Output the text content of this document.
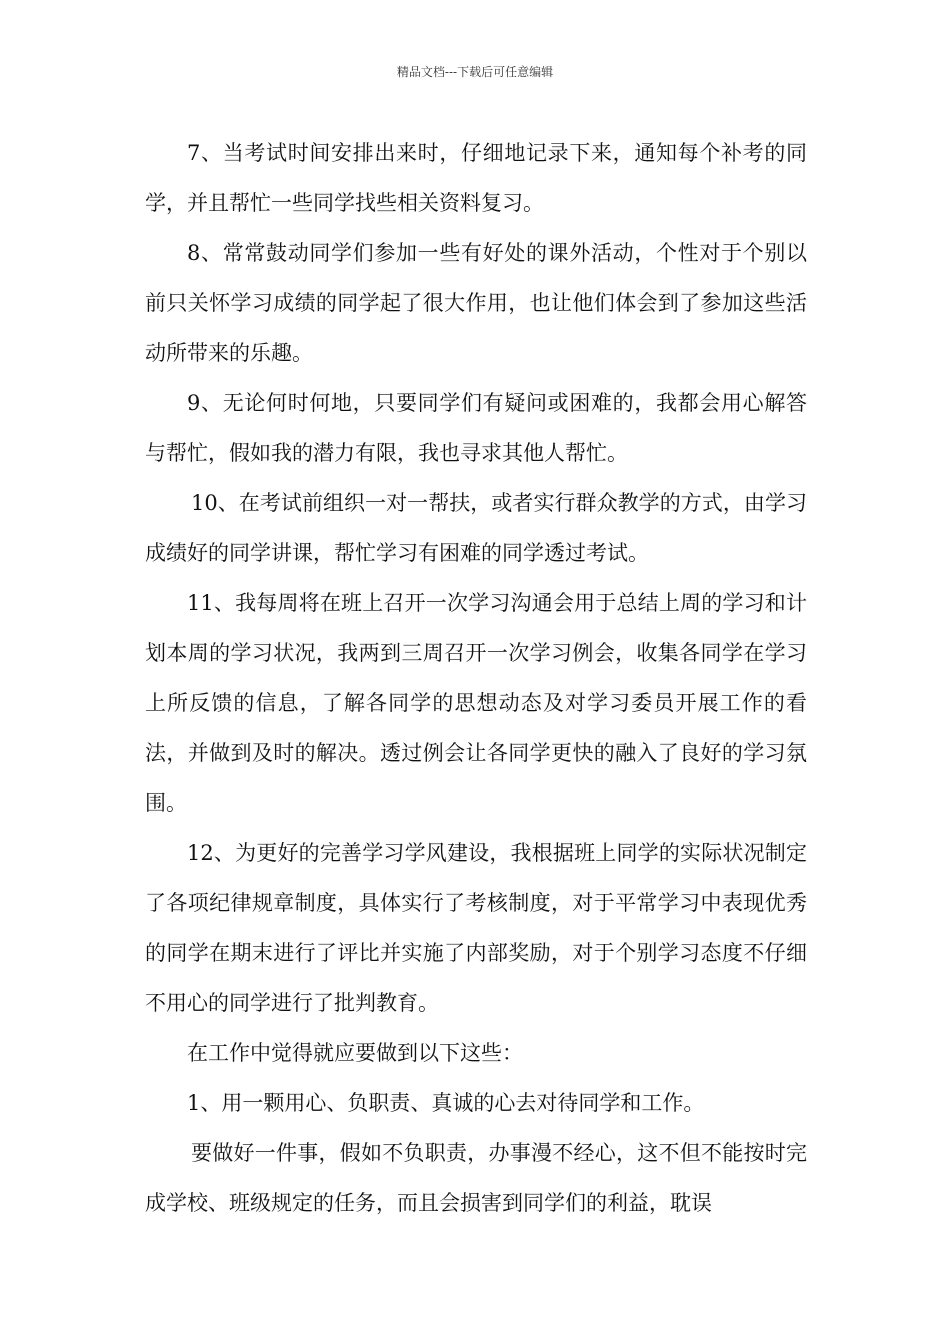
精品文档---下载后可任意编辑

7、当考试时间安排出来时，仔细地记录下来，通知每个补考的同学，并且帮忙一些同学找些相关资料复习。

8、常常鼓动同学们参加一些有好处的课外活动，个性对于个别以前只关怀学习成绩的同学起了很大作用，也让他们体会到了参加这些活动所带来的乐趣。

9、无论何时何地，只要同学们有疑问或困难的，我都会用心解答与帮忙，假如我的潜力有限，我也寻求其他人帮忙。

10、在考试前组织一对一帮扶，或者实行群众教学的方式，由学习成绩好的同学讲课，帮忙学习有困难的同学透过考试。

11、我每周将在班上召开一次学习沟通会用于总结上周的学习和计划本周的学习状况，我两到三周召开一次学习例会，收集各同学在学习上所反馈的信息，了解各同学的思想动态及对学习委员开展工作的看法，并做到及时的解决。透过例会让各同学更快的融入了良好的学习氛围。

12、为更好的完善学习学风建设，我根据班上同学的实际状况制定了各项纪律规章制度，具体实行了考核制度，对于平常学习中表现优秀的同学在期末进行了评比并实施了内部奖励，对于个别学习态度不仔细不用心的同学进行了批判教育。

在工作中觉得就应要做到以下这些：

1、用一颗用心、负职责、真诚的心去对待同学和工作。

要做好一件事，假如不负职责，办事漫不经心，这不但不能按时完成学校、班级规定的任务，而且会损害到同学们的利益，耽误
